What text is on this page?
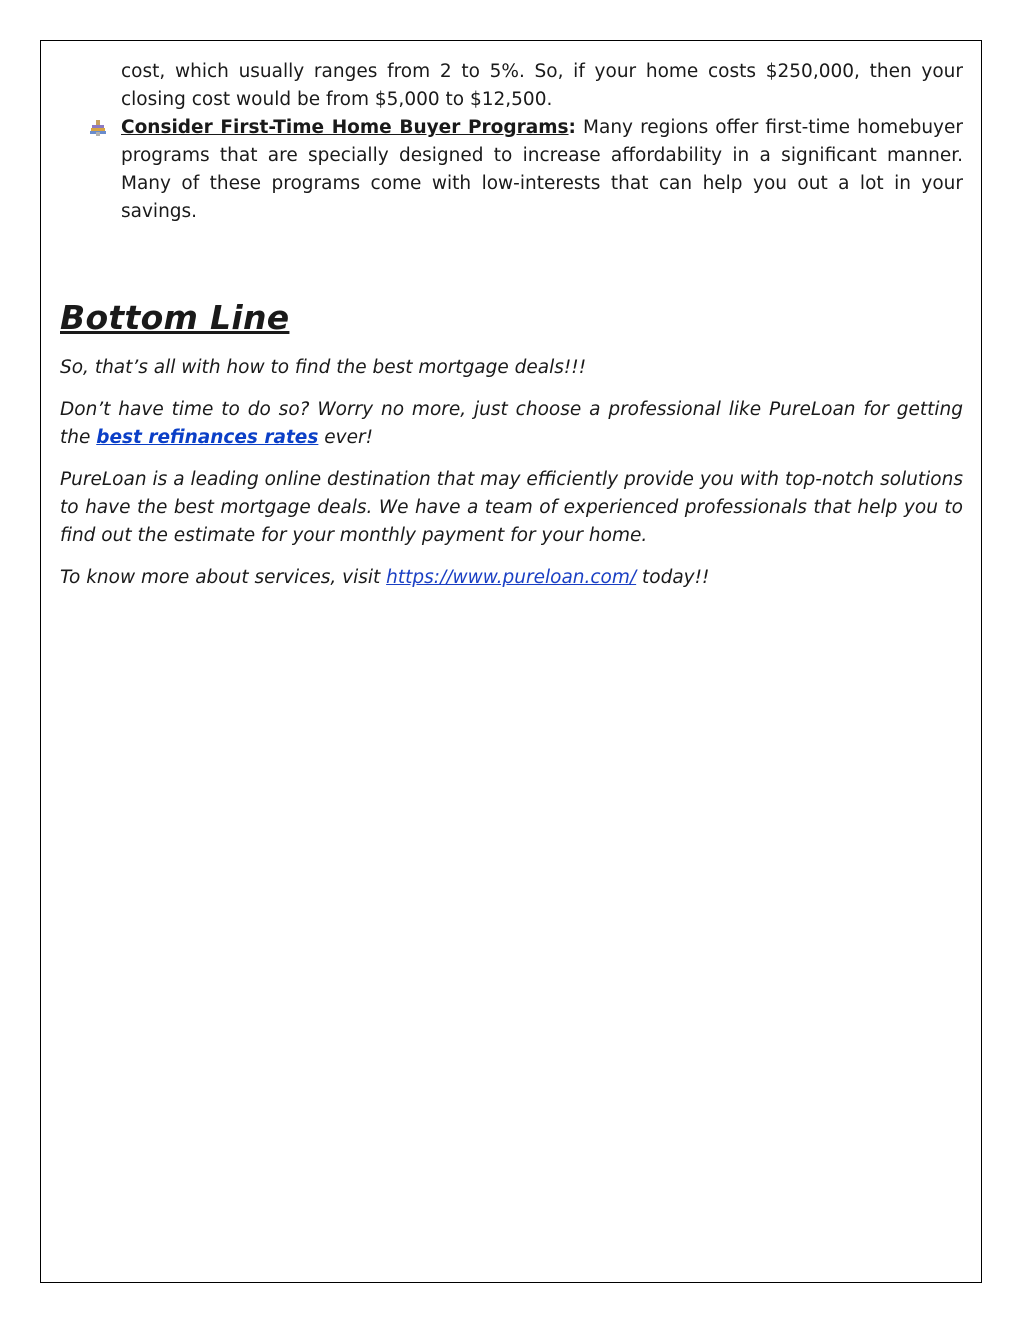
cost, which usually ranges from 2 to 5%. So, if your home costs $250,000, then your closing cost would be from $5,000 to $12,500.

Consider First-Time Home Buyer Programs: Many regions offer first-time homebuyer programs that are specially designed to increase affordability in a significant manner. Many of these programs come with low-interests that can help you out a lot in your savings.

Bottom Line

So, that’s all with how to find the best mortgage deals!!!

Don’t have time to do so? Worry no more, just choose a professional like PureLoan for getting the best refinances rates ever!

PureLoan is a leading online destination that may efficiently provide you with top-notch solutions to have the best mortgage deals. We have a team of experienced professionals that help you to find out the estimate for your monthly payment for your home.

To know more about services, visit https://www.pureloan.com/ today!!
